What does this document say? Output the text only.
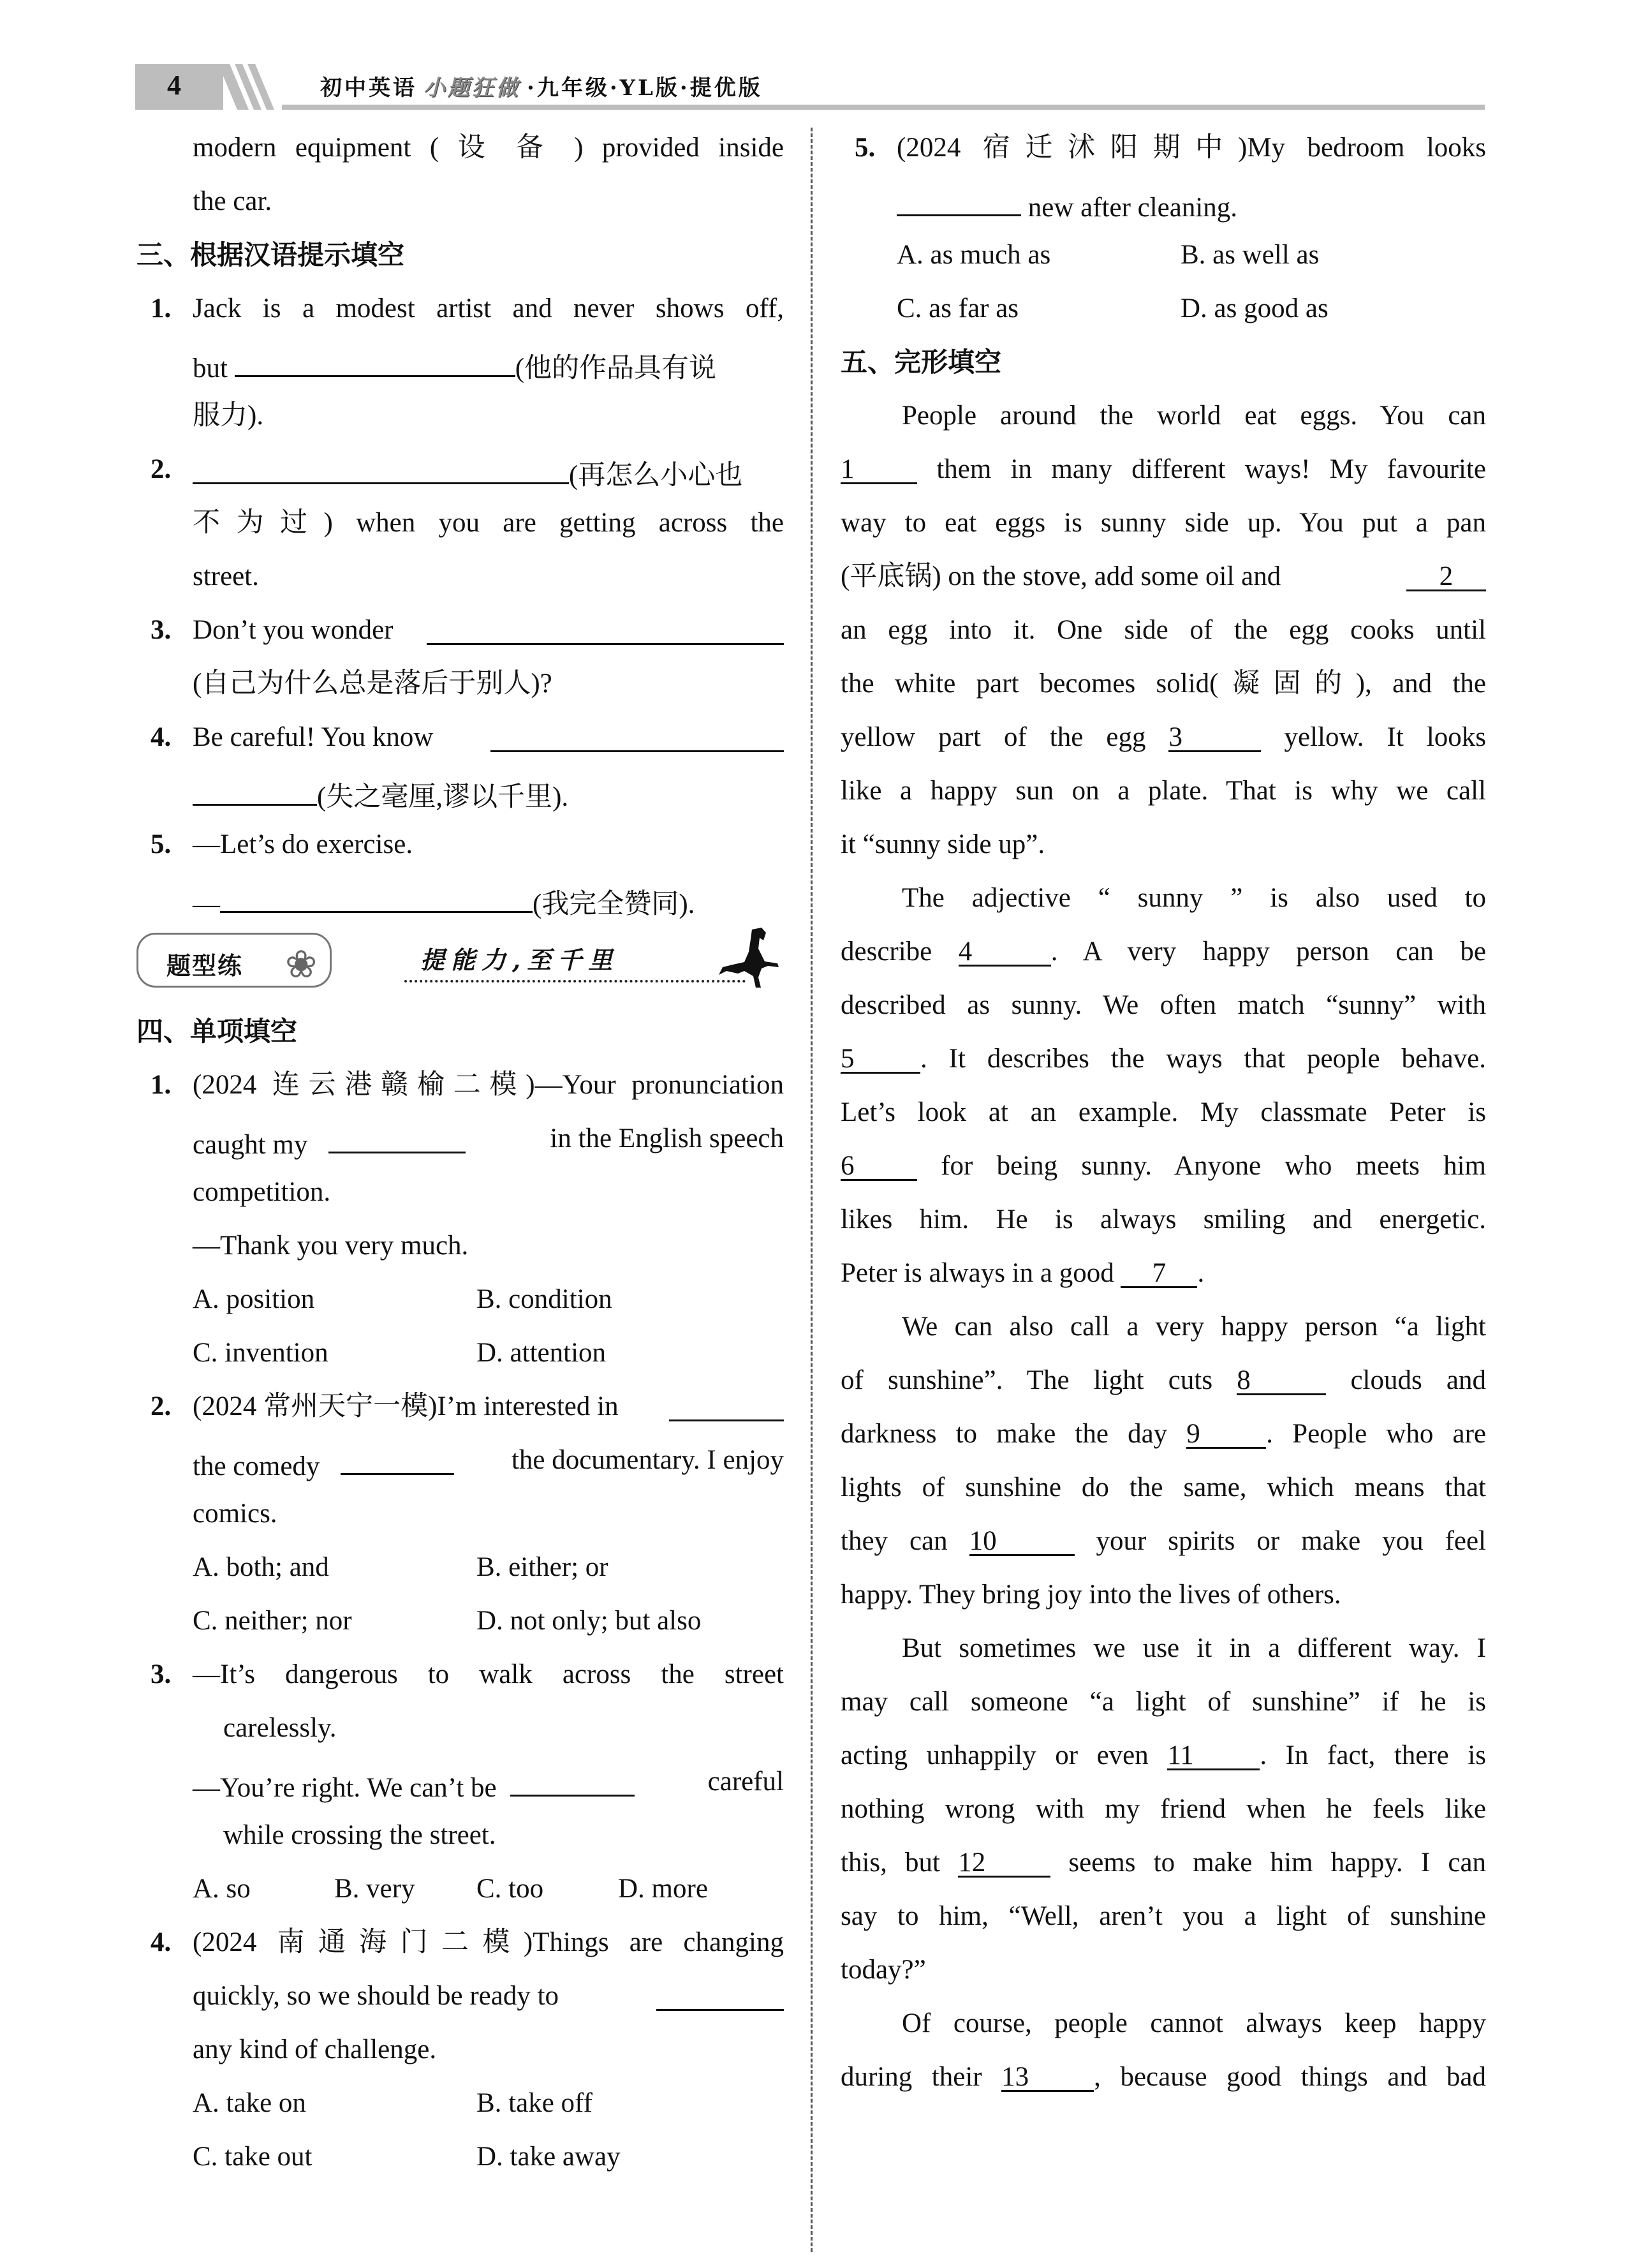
4	初中英语 小题狂做 ·九年级·YL版·提优版
modern equipment ( 设 备 ) provided inside
the car.
三、根据汉语提示填空
1. Jack is a modest artist and never shows off,
but	(他的作品具有说
服力).
2.	(再怎么小心也
不为过) when you are getting across the
street.
3. Don’t you wonder
(自己为什么总是落后于别人)?
4. Be careful! You know
(失之毫厘,谬以千里).
5. —Let’s do exercise.
—	(我完全赞同).
题型练 ❀	提能力,至千里
四、单项填空
1. (2024 连云港赣榆二模)—Your pronunciation
caught my	in the English speech
competition.
—Thank you very much.
A. position	B. condition
C. invention	D. attention
2. (2024 常州天宁一模)I’m interested in
the comedy	the documentary. I enjoy
comics.
A. both; and	B. either; or
C. neither; nor	D. not only; but also
3. —It’s dangerous to walk across the street
carelessly.
—You’re right. We can’t be	careful
while crossing the street.
A. so	B. very C. too	D. more
4. (2024 南通海门二模)Things are changing
quickly, so we should be ready to
any kind of challenge.
A. take on	B. take off
C. take out	D. take away
5. (2024 宿迁沭阳期中)My bedroom looks
new after cleaning.
A. as much as	B. as well as
C. as far as	D. as good as
五、完形填空
People around the world eat eggs. You can
1	them in many different ways! My favourite
way to eat eggs is sunny side up. You put a pan
(平底锅) on the stove, add some oil and	2
an egg into it. One side of the egg cooks until
the white part becomes solid(凝固的), and the
yellow part of the egg 3	yellow. It looks
like a happy sun on a plate. That is why we call
it “sunny side up”.
The adjective “ sunny ” is also used to
describe 4	. A very happy person can be
described as sunny. We often match “sunny” with
5 . It describes the ways that people behave.
Let’s look at an example. My classmate Peter is
6	for being sunny. Anyone who meets him
likes him. He is always smiling and energetic.
Peter is always in a good 7 .
We can also call a very happy person “a light
of sunshine”. The light cuts 8	clouds and
darkness to make the day 9 . People who are
lights of sunshine do the same, which means that
they can 10	your spirits or make you feel
happy. They bring joy into the lives of others.
But sometimes we use it in a different way. I
may call someone “a light of sunshine” if he is
acting unhappily or even 11 . In fact, there is
nothing wrong with my friend when he feels like
this, but 12	seems to make him happy. I can
say to him, “Well, aren’t you a light of sunshine
today?”
Of course, people cannot always keep happy
during their 13 , because good things and bad
